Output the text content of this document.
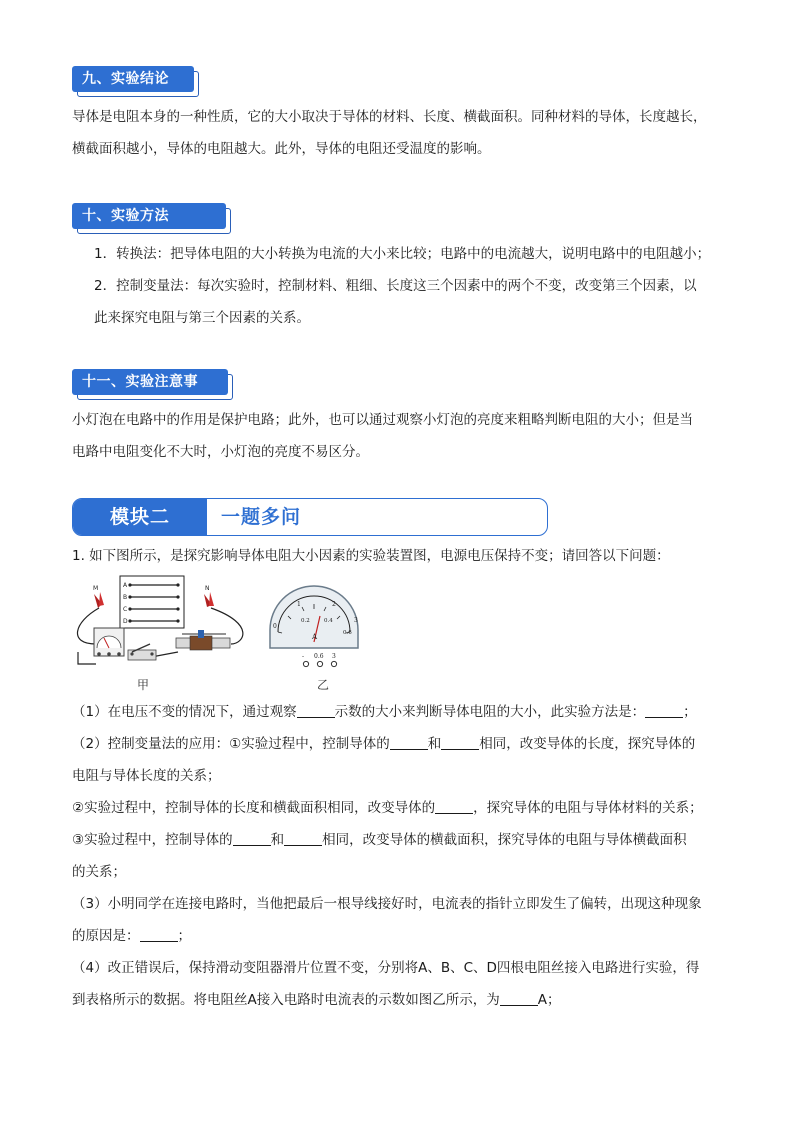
九、实验结论

导体是电阻本身的一种性质，它的大小取决于导体的材料、长度、横截面积。同种材料的导体，长度越长，

横截面积越小，导体的电阻越大。此外，导体的电阻还受温度的影响。

十、实验方法

1．转换法：把导体电阻的大小转换为电流的大小来比较；电路中的电流越大，说明电路中的电阻越小；

2．控制变量法：每次实验时，控制材料、粗细、长度这三个因素中的两个不变，改变第三个因素，以

此来探究电阻与第三个因素的关系。

十一、实验注意事

小灯泡在电路中的作用是保护电路；此外，也可以通过观察小灯泡的亮度来粗略判断电阻的大小；但是当

电路中电阻变化不大时，小灯泡的亮度不易区分。

模块二	一题多问

1. 如下图所示，是探究影响导体电阻大小因素的实验装置图，电源电压保持不变；请回答以下问题：

A
B
C
D
M	N
0
1	2
3
0.2	0.4
0.6
A
- 0.6 3
甲	乙

（1）在电压不变的情况下，通过观察	示数的大小来判断导体电阻的大小，此实验方法是：	；

（2）控制变量法的应用：①实验过程中，控制导体的	和	相同，改变导体的长度，探究导体的

电阻与导体长度的关系；

②实验过程中，控制导体的长度和横截面积相同，改变导体的	，探究导体的电阻与导体材料的关系；

③实验过程中，控制导体的	和	相同，改变导体的横截面积，探究导体的电阻与导体横截面积

的关系；

（3）小明同学在连接电路时，当他把最后一根导线接好时，电流表的指针立即发生了偏转，出现这种现象

的原因是：	；

（4）改正错误后，保持滑动变阻器滑片位置不变，分别将A、B、C、D四根电阻丝接入电路进行实验，得

到表格所示的数据。将电阻丝A接入电路时电流表的示数如图乙所示，为	A；
